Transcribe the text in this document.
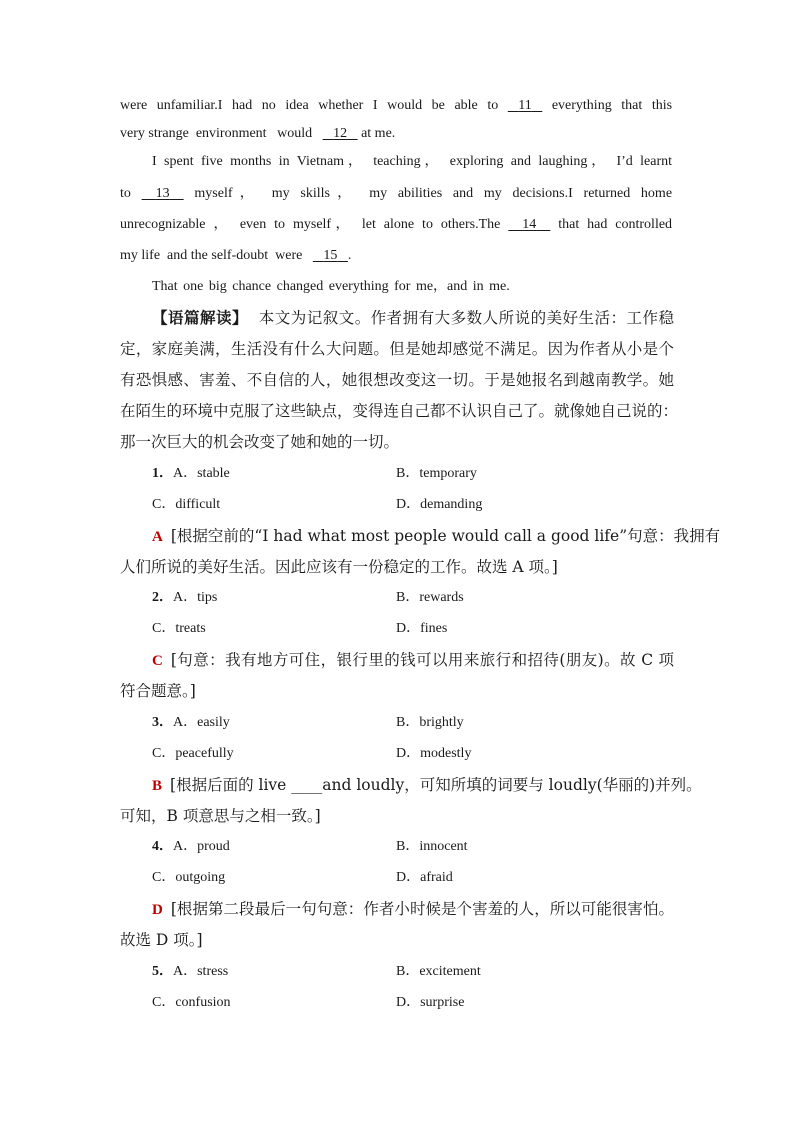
were unfamiliar.I had no idea whether I would be able to 11 everything that this

very strange environment would 12 at me.

I spent five months in Vietnam， teaching， exploring and laughing， I’d learnt

to 13 myself， my skills， my abilities and my decisions.I returned home

unrecognizable ， even to myself， let alone to others.The 14 that had controlled

my life and the self-doubt were 15 .

That one big chance changed everything for me，and in me.

【语篇解读】 本文为记叙文。作者拥有大多数人所说的美好生活：工作稳

定，家庭美满，生活没有什么大问题。但是她却感觉不满足。因为作者从小是个

有恐惧感、害羞、不自信的人，她很想改变这一切。于是她报名到越南教学。她

在陌生的环境中克服了这些缺点，变得连自己都不认识自己了。就像她自己说的：

那一次巨大的机会改变了她和她的一切。

1．A．stable	B．temporary

C．difficult	D．demanding

A [根据空前的“I had what most people would call a good life”句意：我拥有

人们所说的美好生活。因此应该有一份稳定的工作。故选 A 项。]

2．A．tips	B．rewards

C．treats	D．fines

C [句意：我有地方可住，银行里的钱可以用来旅行和招待(朋友)。故 C 项

符合题意。]

3．A．easily	B．brightly

C．peacefully	D．modestly

B [根据后面的 live ____and loudly，可知所填的词要与 loudly(华丽的)并列。

可知，B 项意思与之相一致。]

4．A．proud	B．innocent

C．outgoing	D．afraid

D [根据第二段最后一句句意：作者小时候是个害羞的人，所以可能很害怕。

故选 D 项。]

5．A．stress	B．excitement

C．confusion	D．surprise
